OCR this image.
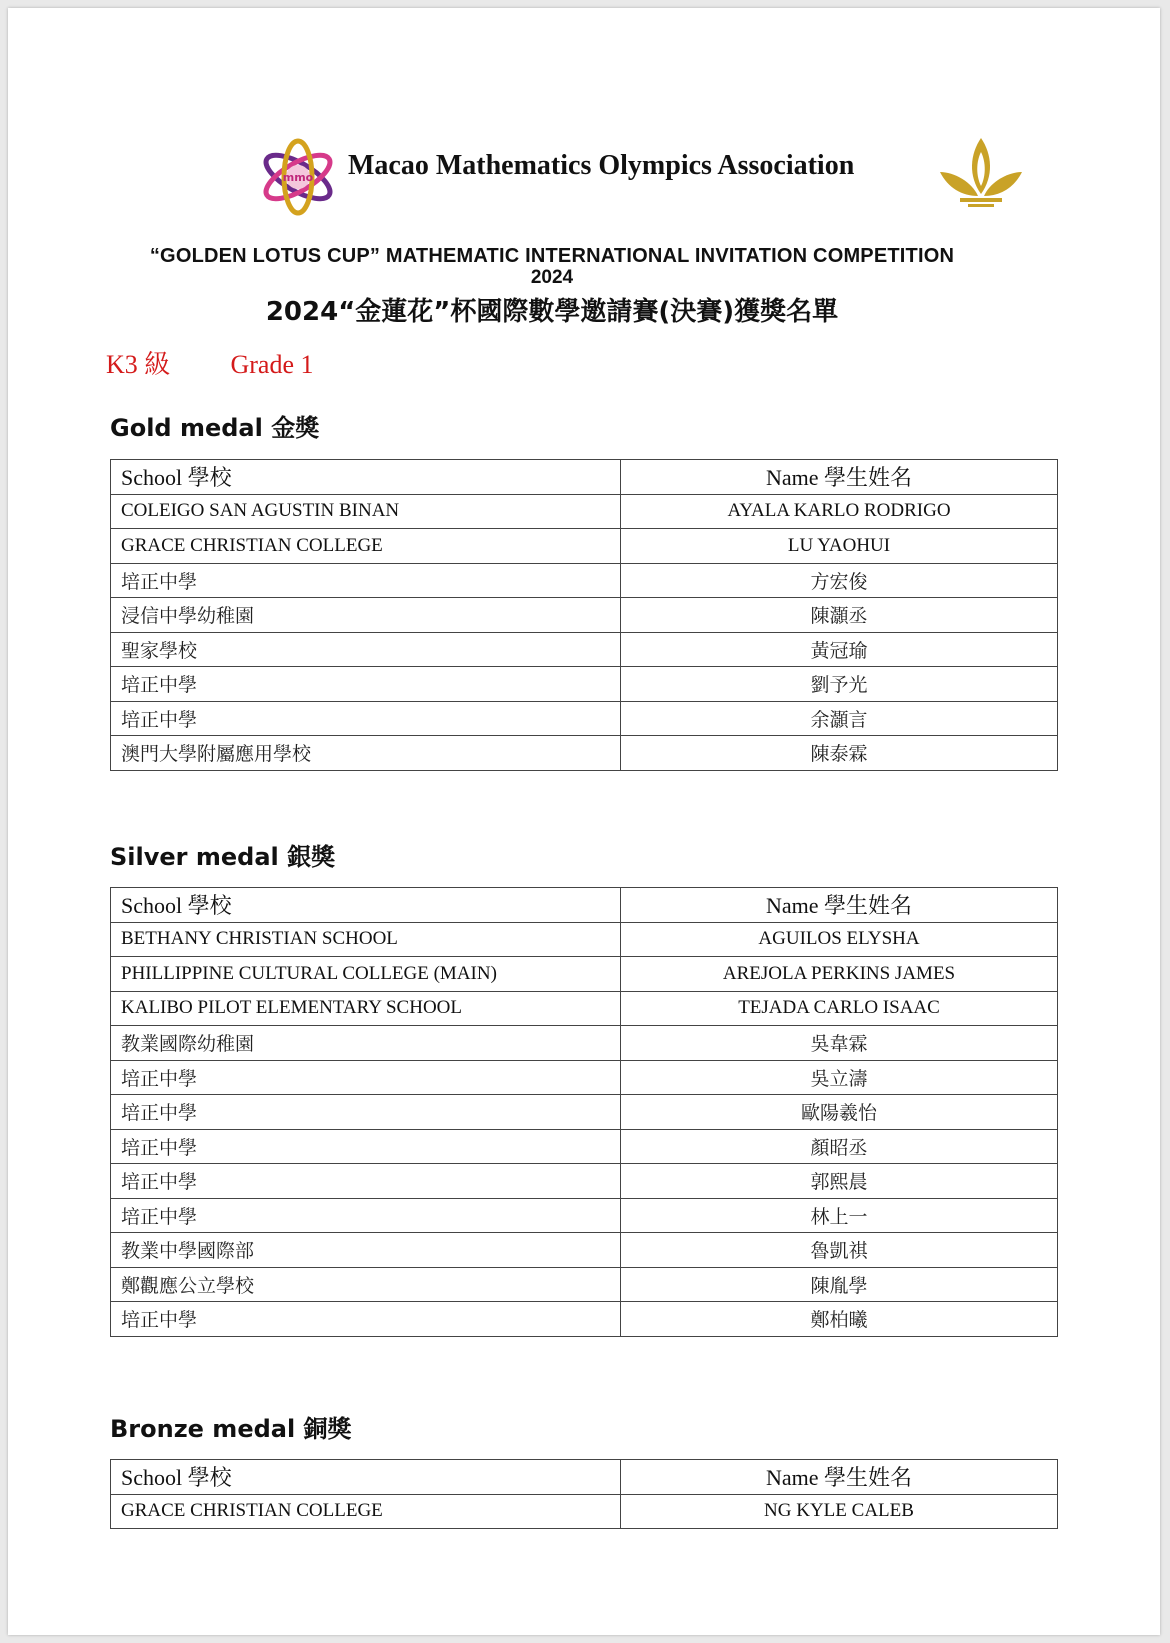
mmo Macao Mathematics Olympics Association
“GOLDEN LOTUS CUP” MATHEMATIC INTERNATIONAL INVITATION COMPETITION
2024
2024“金蓮花”杯國際數學邀請賽(決賽)獲獎名單
K3 級 Grade 1
Gold medal 金獎
School 學校	Name 學生姓名
COLEIGO SAN AGUSTIN BINAN	AYALA KARLO RODRIGO
GRACE CHRISTIAN COLLEGE	LU YAOHUI
培正中學	方宏俊
浸信中學幼稚園	陳灝丞
聖家學校	黃冠瑜
培正中學	劉予光
培正中學	余灝言
澳門大學附屬應用學校	陳泰霖
Silver medal 銀獎
School 學校	Name 學生姓名
BETHANY CHRISTIAN SCHOOL	AGUILOS ELYSHA
PHILLIPPINE CULTURAL COLLEGE (MAIN)	AREJOLA PERKINS JAMES
KALIBO PILOT ELEMENTARY SCHOOL	TEJADA CARLO ISAAC
教業國際幼稚園	吳韋霖
培正中學	吳立濤
培正中學	歐陽羲怡
培正中學	顏昭丞
培正中學	郭熙晨
培正中學	林上一
教業中學國際部	魯凱祺
鄭觀應公立學校	陳胤學
培正中學	鄭柏曦
Bronze medal 銅獎
School 學校	Name 學生姓名
GRACE CHRISTIAN COLLEGE	NG KYLE CALEB
